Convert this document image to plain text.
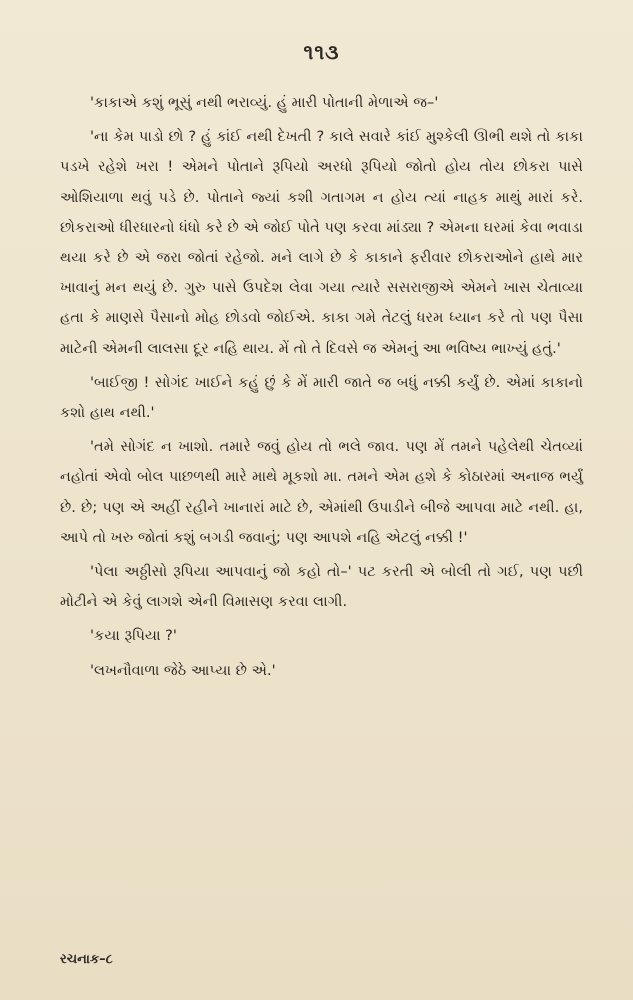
૧૧૩

'કાકાએ કશું ભૂસું નથી ભરાવ્યું. હું મારી પોતાની મેળાએ જ–'

'ના કેમ પાડો છો ? હું કાંઈ નથી દેખતી ? કાલે સવારે કાંઈ મુશ્કેલી ઊભી થશે તો કાકા પડખે રહેશે ખરા ! એમને પોતાને રૂપિયો અરધો રૂપિયો જોતો હોય તોય છોકરા પાસે ઓશિયાળા થવું પડે છે. પોતાને જ્યાં કશી ગતાગમ ન હોય ત્યાં નાહક માથું મારાં કરે. છોકરાઓ ધીરધારનો ધંધો કરે છે એ જોઈ પોતે પણ કરવા માંડ્યા ? એમના ઘરમાં કેવા ભવાડા થયા કરે છે એ જરા જોતાં રહેજો. મને લાગે છે કે કાકાને ફરીવાર છોકરાઓને હાથે માર ખાવાનું મન થયું છે. ગુરુ પાસે ઉપદેશ લેવા ગયા ત્યારે સસરાજીએ એમને ખાસ ચેતાવ્યા હતા કે માણસે પૈસાનો મોહ છોડવો જોઈએ. કાકા ગમે તેટલું ધરમ ધ્યાન કરે તો પણ પૈસા માટેની એમની લાલસા દૂર નહિ થાય. મેં તો તે દિવસે જ એમનું આ ભવિષ્ય ભાખ્યું હતું.'

'બાઈજી ! સોગંદ ખાઈને કહું છું કે મેં મારી જાતે જ બધું નક્કી કર્યું છે. એમાં કાકાનો કશો હાથ નથી.'

'તમે સોગંદ ન ખાશો. તમારે જવું હોય તો ભલે જાવ. પણ મેં તમને પહેલેથી ચેતવ્યાં નહોતાં એવો બોલ પાછળથી મારે માથે મૂકશો મા. તમને એમ હશે કે કોઠારમાં અનાજ ભર્યું છે. છે; પણ એ અહીં રહીને ખાનારાં માટે છે, એમાંથી ઉપાડીને બીજે આપવા માટે નથી. હા, આપે તો ખરુ જોતાં કશું બગડી જવાનું; પણ આપશે નહિ એટલું નક્કી !'

'પેલા અઠ્ઠીસો રૂપિયા આપવાનું જો કહો તો–' પટ કરતી એ બોલી તો ગઈ, પણ પછી મોટીને એ કેવું લાગશે એની વિમાસણ કરવા લાગી.

'કયા રૂપિયા ?'

'લખનૌવાળા જેઠે આપ્યા છે એ.'

રચનાક–૮
